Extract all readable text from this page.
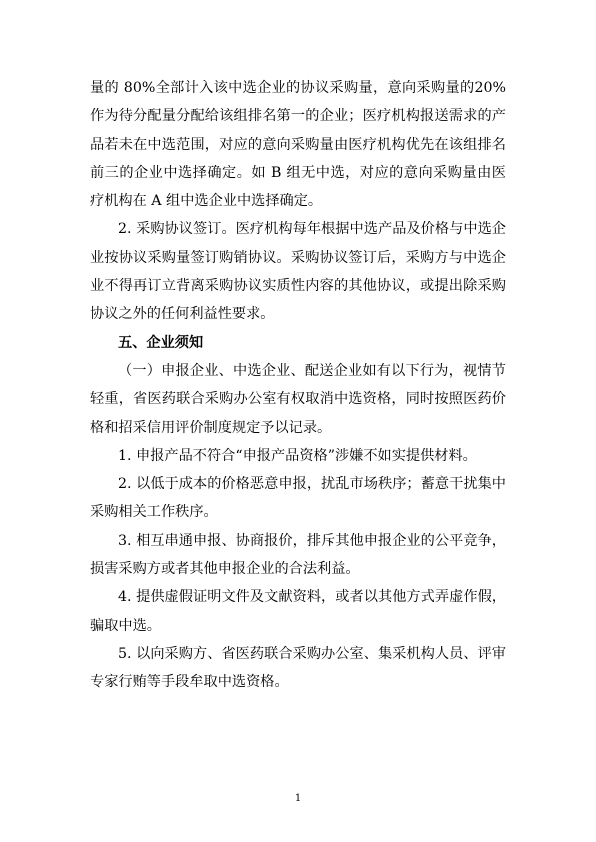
量的 80%全部计入该中选企业的协议采购量，意向采购量的20%作为待分配量分配给该组排名第一的企业；医疗机构报送需求的产品若未在中选范围，对应的意向采购量由医疗机构优先在该组排名前三的企业中选择确定。如 B 组无中选，对应的意向采购量由医疗机构在 A 组中选企业中选择确定。

2. 采购协议签订。医疗机构每年根据中选产品及价格与中选企业按协议采购量签订购销协议。采购协议签订后，采购方与中选企业不得再订立背离采购协议实质性内容的其他协议，或提出除采购协议之外的任何利益性要求。

五、企业须知

（一）申报企业、中选企业、配送企业如有以下行为，视情节轻重，省医药联合采购办公室有权取消中选资格，同时按照医药价格和招采信用评价制度规定予以记录。

1. 申报产品不符合“申报产品资格”涉嫌不如实提供材料。

2. 以低于成本的价格恶意申报，扰乱市场秩序；蓄意干扰集中采购相关工作秩序。

3. 相互串通申报、协商报价，排斥其他申报企业的公平竞争，损害采购方或者其他申报企业的合法利益。

4. 提供虚假证明文件及文献资料，或者以其他方式弄虚作假，骗取中选。

5. 以向采购方、省医药联合采购办公室、集采机构人员、评审专家行贿等手段牟取中选资格。

1
